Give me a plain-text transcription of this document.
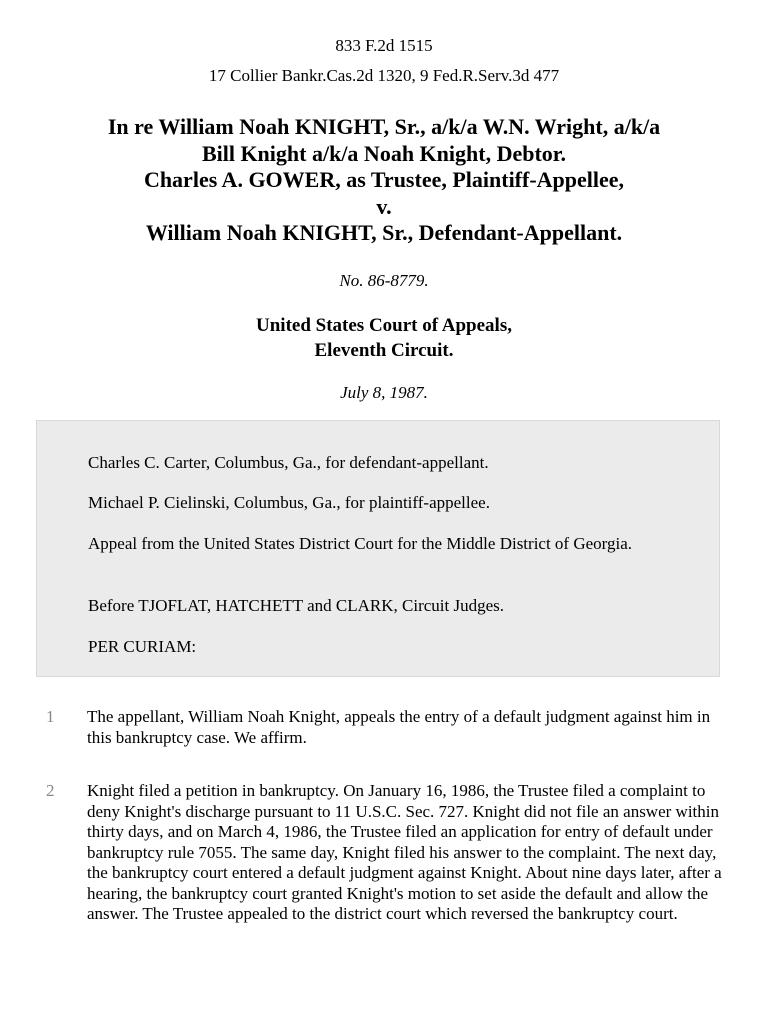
833 F.2d 1515
17 Collier Bankr.Cas.2d 1320, 9 Fed.R.Serv.3d 477
In re William Noah KNIGHT, Sr., a/k/a W.N. Wright, a/k/a
Bill Knight a/k/a Noah Knight, Debtor.
Charles A. GOWER, as Trustee, Plaintiff-Appellee,
v.
William Noah KNIGHT, Sr., Defendant-Appellant.
No. 86-8779.
United States Court of Appeals,
Eleventh Circuit.
July 8, 1987.

Charles C. Carter, Columbus, Ga., for defendant-appellant.

Michael P. Cielinski, Columbus, Ga., for plaintiff-appellee.

Appeal from the United States District Court for the Middle District of Georgia.

Before TJOFLAT, HATCHETT and CLARK, Circuit Judges.

PER CURIAM:

1 The appellant, William Noah Knight, appeals the entry of a default judgment against him in this bankruptcy case. We affirm.
2 Knight filed a petition in bankruptcy. On January 16, 1986, the Trustee filed a complaint to deny Knight's discharge pursuant to 11 U.S.C. Sec. 727. Knight did not file an answer within thirty days, and on March 4, 1986, the Trustee filed an application for entry of default under bankruptcy rule 7055. The same day, Knight filed his answer to the complaint. The next day, the bankruptcy court entered a default judgment against Knight. About nine days later, after a hearing, the bankruptcy court granted Knight's motion to set aside the default and allow the answer. The Trustee appealed to the district court which reversed the bankruptcy court.
